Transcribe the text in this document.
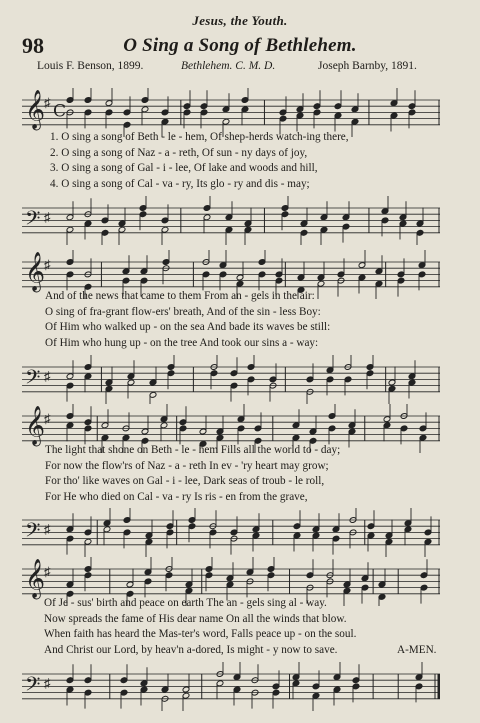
Jesus, the Youth.
98	O Sing a Song of Bethlehem.
Louis F. Benson, 1899.	Bethlehem. C. M. D.	Joseph Barnby, 1891.
𝄞
♯ C
𝄢 ♯
1. O sing a song of Beth - le - hem, Of shep-herds watch-ing there,
2. O sing a song of Naz - a - reth, Of sun - ny days of joy,
3. O sing a song of Gal - i - lee, Of lake and woods and hill,
4. O sing a song of Cal - va - ry, Its glo - ry and dis - may;
𝄞
♯
𝄢 ♯
And of the news that came to them From an - gels in the air:
O sing of fra-grant flow-ers' breath, And of the sin - less Boy:
Of Him who walked up - on the sea And bade its waves be still:
Of Him who hung up - on the tree And took our sins a - way:
𝄞
♯
𝄢 ♯
The light that shone on Beth - le - hem Fills all the world to - day;
For now the flow'rs of Naz - a - reth In ev - 'ry heart may grow;
For tho' like waves on Gal - i - lee, Dark seas of troub - le roll,
For He who died on Cal - va - ry Is ris - en from the grave,
𝄞
♯
𝄢 ♯
Of Je - sus' birth and peace on earth The an - gels sing al - way.
Now spreads the fame of His dear name On all the winds that blow.
When faith has heard the Mas-ter's word, Falls peace up - on the soul.
And Christ our Lord, by heav'n a-dored, Is might - y now to save.	A-MEN.
